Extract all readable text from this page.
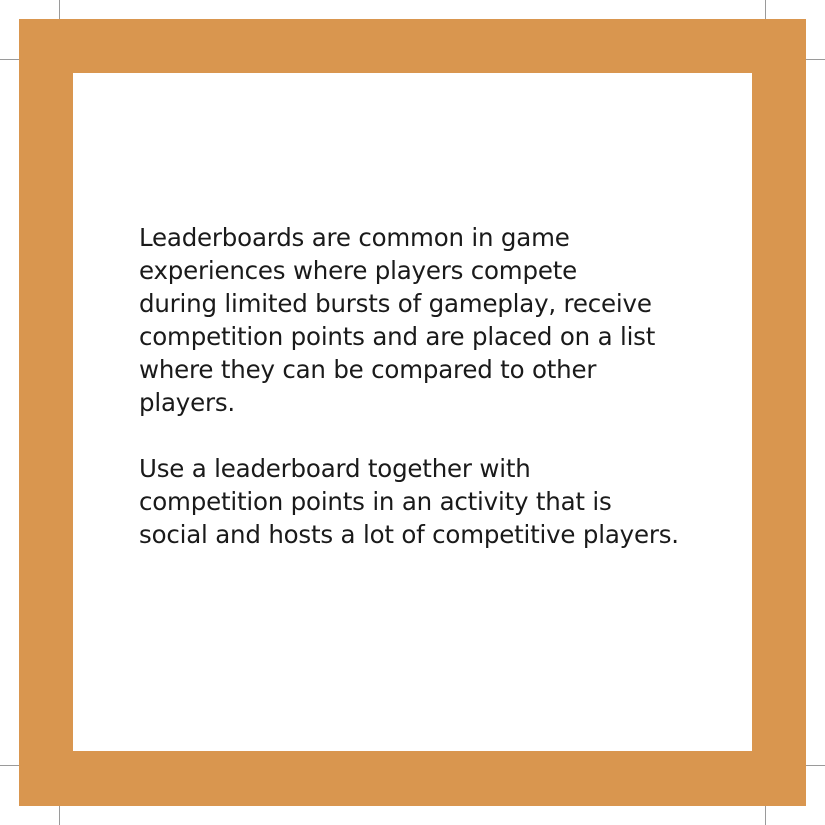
Leaderboards are common in game
experiences where players compete
during limited bursts of gameplay, receive
competition points and are placed on a list
where they can be compared to other
players.

Use a leaderboard together with
competition points in an activity that is
social and hosts a lot of competitive players.
